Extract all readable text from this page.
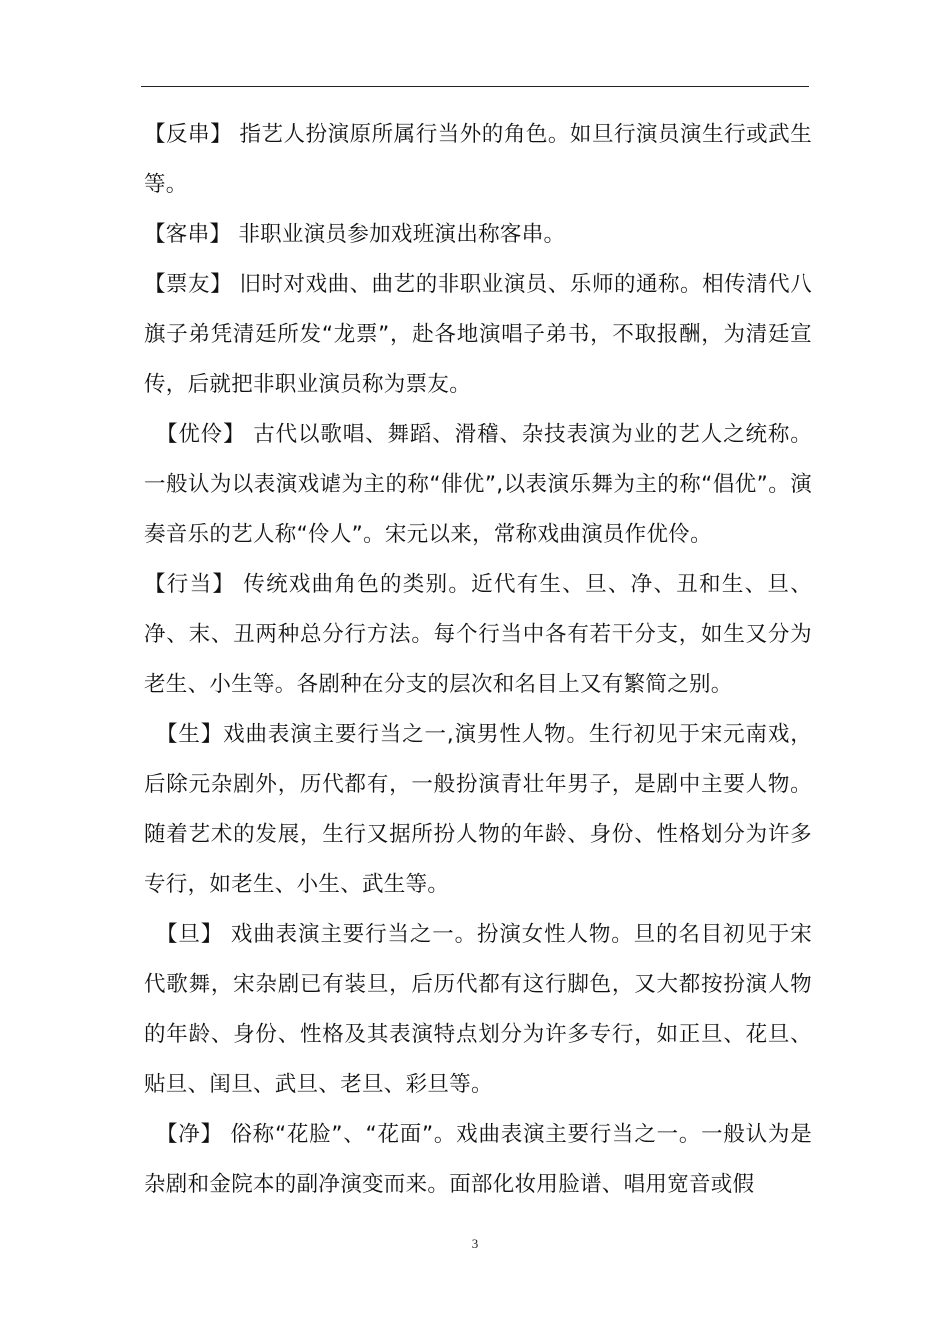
【反串】 指艺人扮演原所属行当外的角色。如旦行演员演生行或武生等。

【客串】 非职业演员参加戏班演出称客串。

【票友】 旧时对戏曲、曲艺的非职业演员、乐师的通称。相传清代八旗子弟凭清廷所发“龙票”，赴各地演唱子弟书，不取报酬，为清廷宣传，后就把非职业演员称为票友。

【优伶】 古代以歌唱、舞蹈、滑稽、杂技表演为业的艺人之统称。一般认为以表演戏谑为主的称“俳优”,以表演乐舞为主的称“倡优”。演奏音乐的艺人称“伶人”。宋元以来，常称戏曲演员作优伶。

【行当】 传统戏曲角色的类别。近代有生、旦、净、丑和生、旦、净、末、丑两种总分行方法。每个行当中各有若干分支，如生又分为老生、小生等。各剧种在分支的层次和名目上又有繁简之别。

【生】戏曲表演主要行当之一,演男性人物。生行初见于宋元南戏，后除元杂剧外，历代都有，一般扮演青壮年男子，是剧中主要人物。随着艺术的发展，生行又据所扮人物的年龄、身份、性格划分为许多专行，如老生、小生、武生等。

【旦】 戏曲表演主要行当之一。扮演女性人物。旦的名目初见于宋代歌舞，宋杂剧已有装旦，后历代都有这行脚色，又大都按扮演人物的年龄、身份、性格及其表演特点划分为许多专行，如正旦、花旦、贴旦、闺旦、武旦、老旦、彩旦等。

【净】 俗称“花脸”、“花面”。戏曲表演主要行当之一。一般认为是杂剧和金院本的副净演变而来。面部化妆用脸谱、唱用宽音或假

3
